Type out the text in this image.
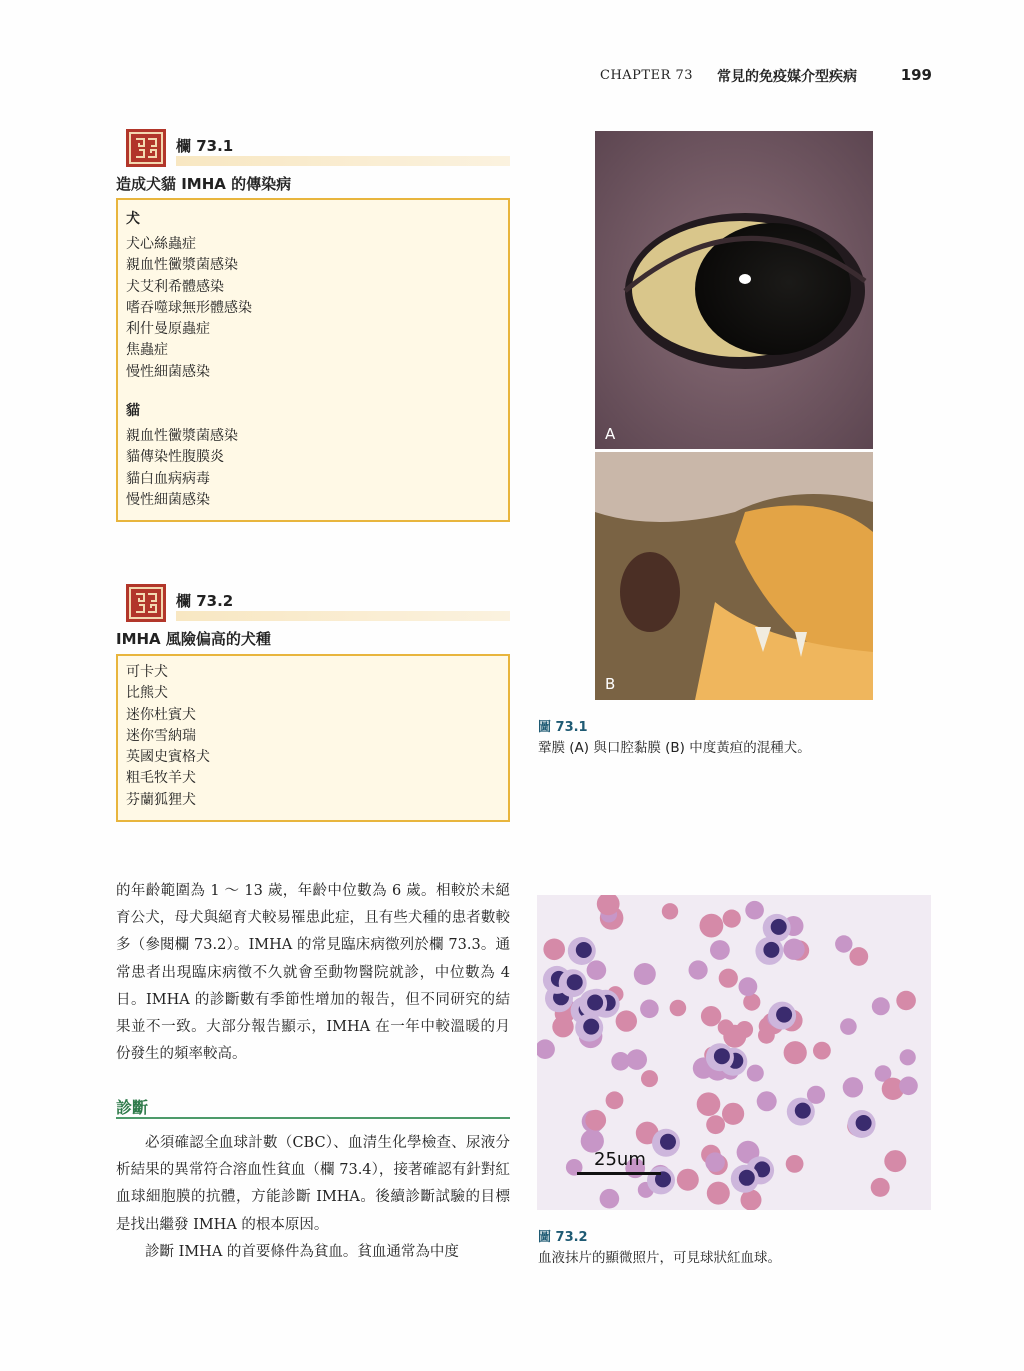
CHAPTER 73 常見的免疫媒介型疾病	199
欄 73.1
造成犬貓 IMHA 的傳染病
犬
犬心絲蟲症
親血性黴漿菌感染
犬艾利希體感染
嗜吞噬球無形體感染
利什曼原蟲症
焦蟲症
慢性細菌感染
貓
親血性黴漿菌感染
貓傳染性腹膜炎
貓白血病病毒
慢性細菌感染
欄 73.2
IMHA 風險偏高的犬種
可卡犬
比熊犬
迷你杜賓犬
迷你雪納瑞
英國史賓格犬
粗毛牧羊犬
芬蘭狐狸犬
A
B
圖 73.1
鞏膜 (A) 與口腔黏膜 (B) 中度黃疸的混種犬。
25um
圖 73.2
血液抹片的顯微照片，可見球狀紅血球。
的年齡範圍為 1 ～ 13 歲，年齡中位數為 6 歲。相較於未絕育公犬，母犬與絕育犬較易罹患此症，且有些犬種的患者數較多（參閱欄 73.2）。IMHA 的常見臨床病徵列於欄 73.3。通常患者出現臨床病徵不久就會至動物醫院就診，中位數為 4 日。IMHA 的診斷數有季節性增加的報告，但不同研究的結果並不一致。大部分報告顯示，IMHA 在一年中較溫暖的月份發生的頻率較高。
診斷
必須確認全血球計數（CBC）、血清生化學檢查、尿液分析結果的異常符合溶血性貧血（欄 73.4），接著確認有針對紅血球細胞膜的抗體，方能診斷 IMHA。後續診斷試驗的目標是找出繼發 IMHA 的根本原因。
診斷 IMHA 的首要條件為貧血。貧血通常為中度
